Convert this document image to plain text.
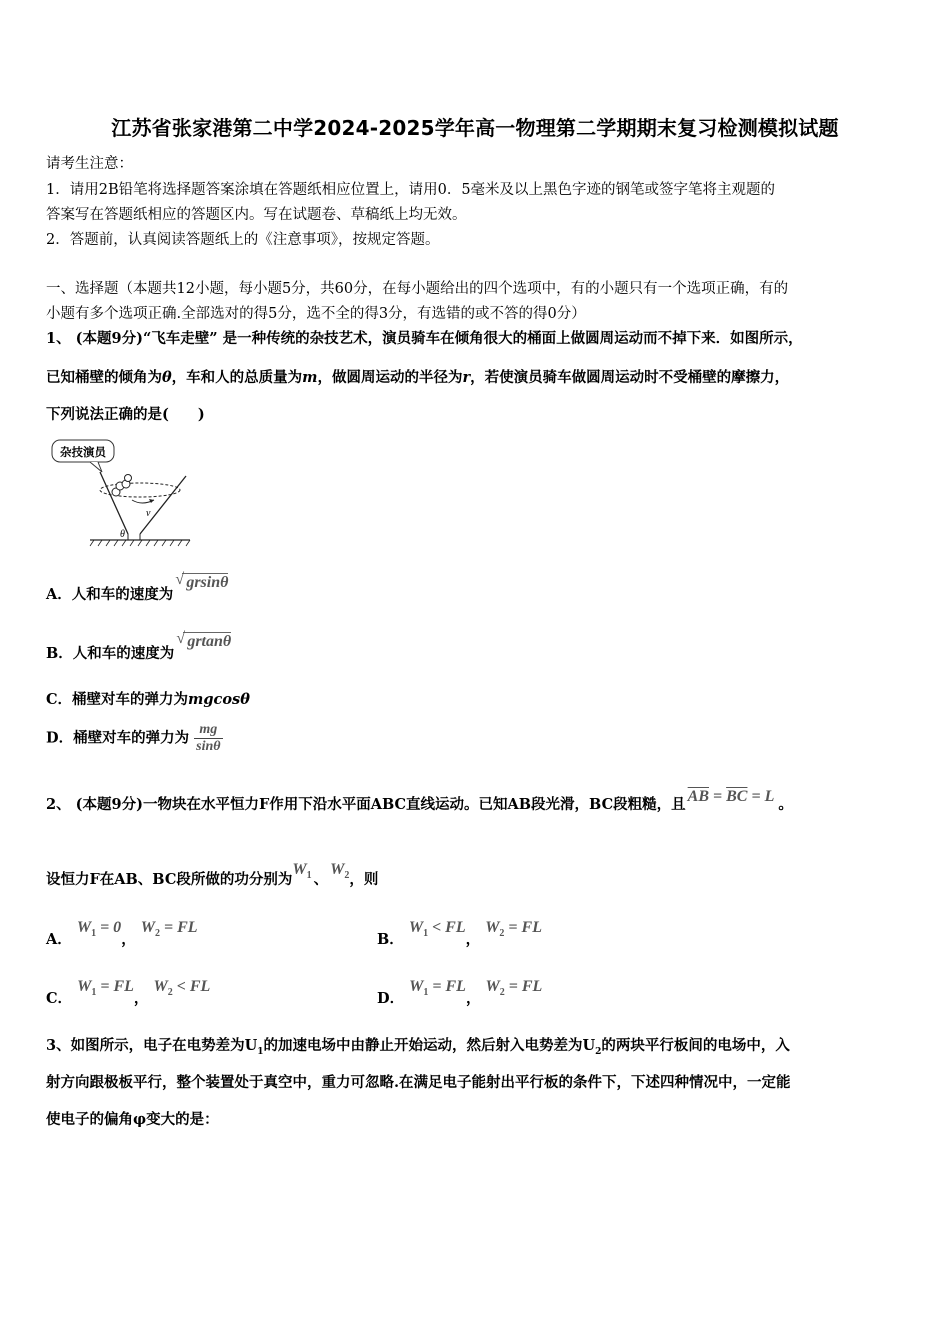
江苏省张家港第二中学2024-2025学年高一物理第二学期期末复习检测模拟试题
请考生注意：
1．请用2B铅笔将选择题答案涂填在答题纸相应位置上，请用0．5毫米及以上黑色字迹的钢笔或签字笔将主观题的
答案写在答题纸相应的答题区内。写在试题卷、草稿纸上均无效。
2．答题前，认真阅读答题纸上的《注意事项》，按规定答题。
一、选择题（本题共12小题，每小题5分，共60分，在每小题给出的四个选项中，有的小题只有一个选项正确，有的
小题有多个选项正确.全部选对的得5分，选不全的得3分，有选错的或不答的得0分）
1、 (本题9分)“飞车走壁” 是一种传统的杂技艺术，演员骑车在倾角很大的桶面上做圆周运动而不掉下来．如图所示，
已知桶壁的倾角为θ，车和人的总质量为m，做圆周运动的半径为r，若使演员骑车做圆周运动时不受桶壁的摩擦力，
下列说法正确的是(　　)
杂技演员
v
θ
A．人和车的速度为
√ grsinθ
B．人和车的速度为
√ grtanθ
C．桶壁对车的弹力为mgcosθ
D．桶壁对车的弹力为 $\frac{mg}{\sin\theta}$
2、 (本题9分)一物块在水平恒力F作用下沿水平面ABC直线运动。已知AB段光滑，BC段粗糙，且 $\overline{AB} = \overline{BC} = L$ 。
设恒力F在AB、BC段所做的功分别为$W_1$ 、$W_2$，则
A． $W_1 = 0$， $W_2$ = FL
B． $W_1$ < FL， $W_2$ = FL
C． $W_1$ = FL， $W_2$ < FL
D． $W_1$ = FL， $W_2$ = FL
3、如图所示，电子在电势差为$U_1$的加速电场中由静止开始运动，然后射入电势差为$U_2$的两块平行板间的电场中，入
射方向跟极板平行，整个装置处于真空中，重力可忽略.在满足电子能射出平行板的条件下，下述四种情况中，一定能
使电子的偏角φ变大的是：
